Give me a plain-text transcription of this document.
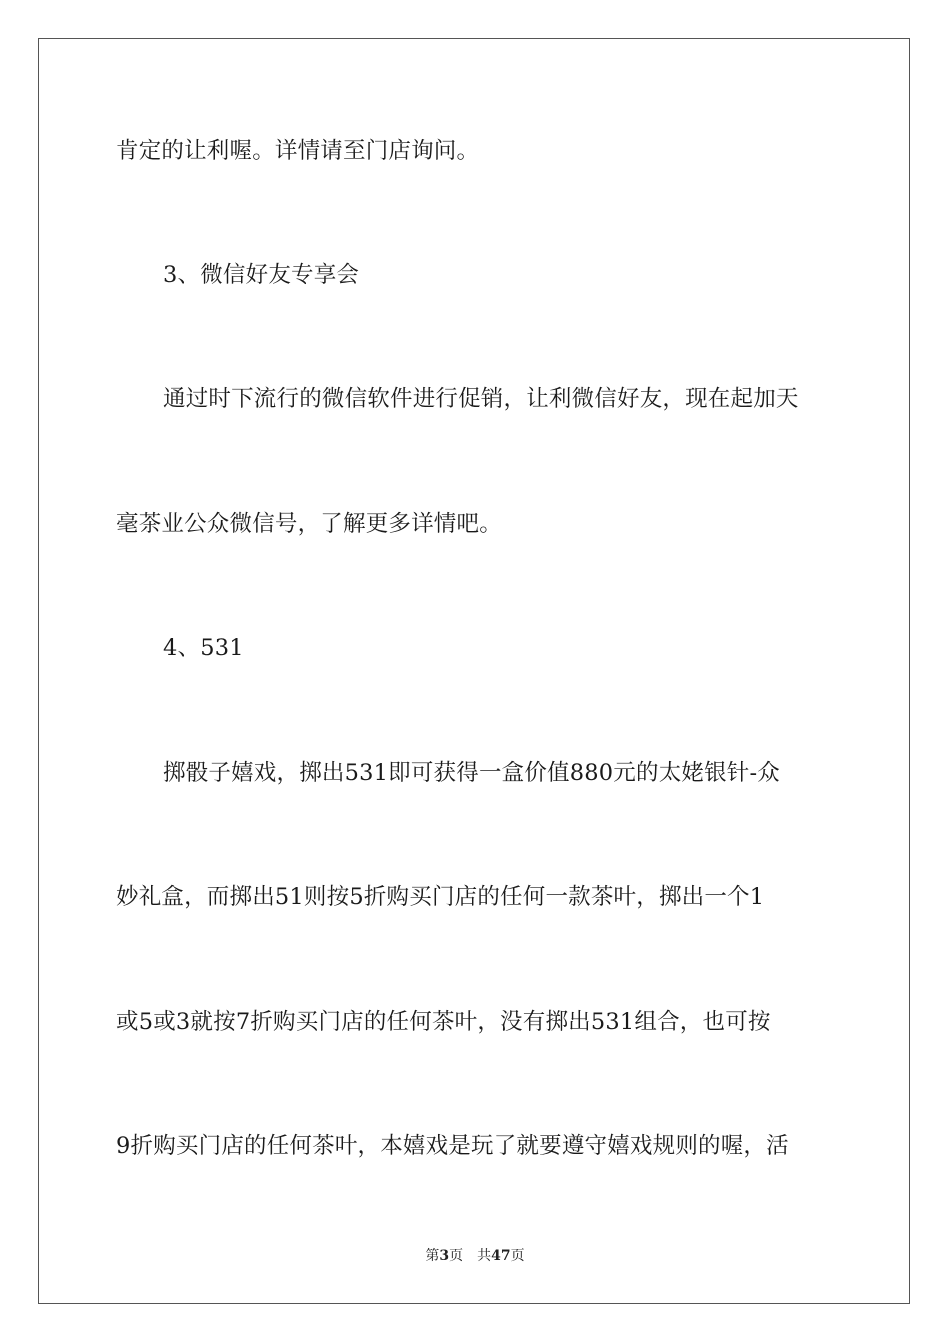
肯定的让利喔。详情请至门店询问。
3、微信好友专享会
通过时下流行的微信软件进行促销，让利微信好友，现在起加天
毫茶业公众微信号，了解更多详情吧。
4、531
掷骰子嬉戏，掷出531即可获得一盒价值880元的太姥银针-众
妙礼盒，而掷出51则按5折购买门店的任何一款茶叶，掷出一个1
或5或3就按7折购买门店的任何茶叶，没有掷出531组合，也可按
9折购买门店的任何茶叶，本嬉戏是玩了就要遵守嬉戏规则的喔，活
第3页 共47页
